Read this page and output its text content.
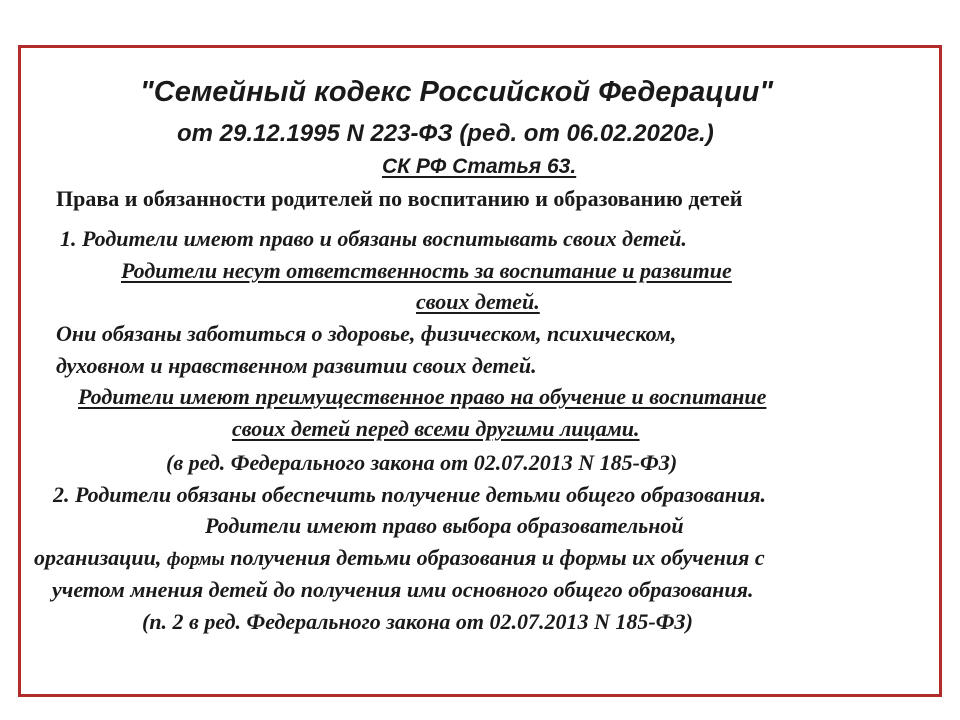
"Семейный кодекс Российской Федерации"
от 29.12.1995 N 223-ФЗ (ред. от 06.02.2020г.)
СК РФ Статья 63.
Права и обязанности родителей по воспитанию и образованию детей
1. Родители имеют право и обязаны воспитывать своих детей.
Родители несут ответственность за воспитание и развитие
своих детей.
Они обязаны заботиться о здоровье, физическом, психическом,
духовном и нравственном развитии своих детей.
Родители имеют преимущественное право на обучение и воспитание
своих детей перед всеми другими лицами.
(в ред. Федерального закона от 02.07.2013 N 185-ФЗ)
2. Родители обязаны обеспечить получение детьми общего образования.
Родители имеют право выбора образовательной
организации, формы получения детьми образования и формы их обучения с
учетом мнения детей до получения ими основного общего образования.
(п. 2 в ред. Федерального закона от 02.07.2013 N 185-ФЗ)
